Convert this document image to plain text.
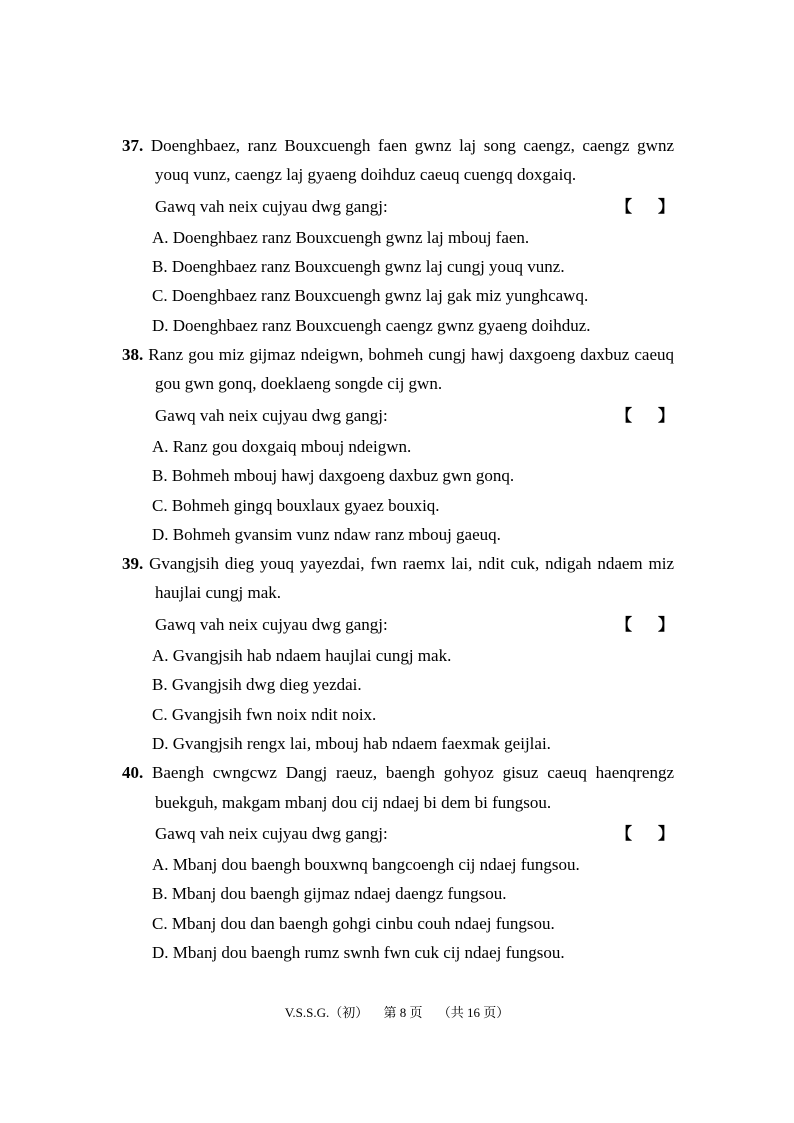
37. Doenghbaez, ranz Bouxcuengh faen gwnz laj song caengz, caengz gwnz youq vunz, caengz laj gyaeng doihduz caeuq cuengq doxgaiq.
Gawq vah neix cujyau dwg gangj:	【 】
A. Doenghbaez ranz Bouxcuengh gwnz laj mbouj faen.
B. Doenghbaez ranz Bouxcuengh gwnz laj cungj youq vunz.
C. Doenghbaez ranz Bouxcuengh gwnz laj gak miz yunghcawq.
D. Doenghbaez ranz Bouxcuengh caengz gwnz gyaeng doihduz.
38. Ranz gou miz gijmaz ndeigwn, bohmeh cungj hawj daxgoeng daxbuz caeuq gou gwn gonq, doeklaeng songde cij gwn.
Gawq vah neix cujyau dwg gangj:	【 】
A. Ranz gou doxgaiq mbouj ndeigwn.
B. Bohmeh mbouj hawj daxgoeng daxbuz gwn gonq.
C. Bohmeh gingq bouxlaux gyaez bouxiq.
D. Bohmeh gvansim vunz ndaw ranz mbouj gaeuq.
39. Gvangjsih dieg youq yayezdai, fwn raemx lai, ndit cuk, ndigah ndaem miz haujlai cungj mak.
Gawq vah neix cujyau dwg gangj:	【 】
A. Gvangjsih hab ndaem haujlai cungj mak.
B. Gvangjsih dwg dieg yezdai.
C. Gvangjsih fwn noix ndit noix.
D. Gvangjsih rengx lai, mbouj hab ndaem faexmak geijlai.
40. Baengh cwngcwz Dangj raeuz, baengh gohyoz gisuz caeuq haenqrengz buekguh, makgam mbanj dou cij ndaej bi dem bi fungsou.
Gawq vah neix cujyau dwg gangj:	【 】
A. Mbanj dou baengh bouxwnq bangcoengh cij ndaej fungsou.
B. Mbanj dou baengh gijmaz ndaej daengz fungsou.
C. Mbanj dou dan baengh gohgi cinbu couh ndaej fungsou.
D. Mbanj dou baengh rumz swnh fwn cuk cij ndaej fungsou.
V.S.S.G.（初） 第 8 页 （共 16 页）
